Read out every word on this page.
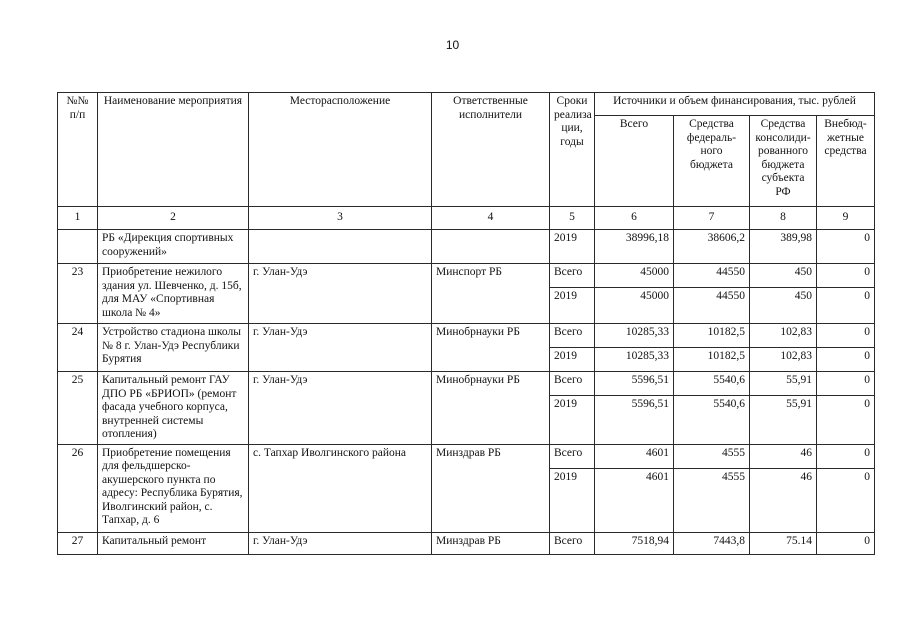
10
№№ п/п	Наименование мероприятия	Месторасположение	Ответственные исполнители	Сроки реализа ции, годы	Источники и объем финансирования, тыс. рублей			
					Всего	Средства федераль- ного бюджета	Средства консолиди- рованного бюджета субъекта РФ	Внебюд- жетные средства
1	2	3	4	5	6	7	8	9
	РБ «Дирекция спортивных сооружений»			2019	38996,18	38606,2	389,98	0
23	Приобретение нежилого здания ул. Шевченко, д. 15б, для МАУ «Спортивная школа № 4»	г. Улан-Удэ	Минспорт РБ	Всего	45000	44550	450	0
				2019	45000	44550	450	0
24	Устройство стадиона школы № 8 г. Улан-Удэ Республики Бурятия	г. Улан-Удэ	Минобрнауки РБ	Всего	10285,33	10182,5	102,83	0
				2019	10285,33	10182,5	102,83	0
25	Капитальный ремонт ГАУ ДПО РБ «БРИОП» (ремонт фасада учебного корпуса, внутренней системы отопления)	г. Улан-Удэ	Минобрнауки РБ	Всего	5596,51	5540,6	55,91	0
				2019	5596,51	5540,6	55,91	0
26	Приобретение помещения для фельдшерско-акушерского пункта по адресу: Республика Бурятия, Иволгинский район, с. Тапхар, д. 6	с. Тапхар Иволгинского района	Минздрав РБ	Всего	4601	4555	46	0
				2019	4601	4555	46	0
27	Капитальный ремонт	г. Улан-Удэ	Минздрав РБ	Всего	7518,94	7443,8	75.14	0
